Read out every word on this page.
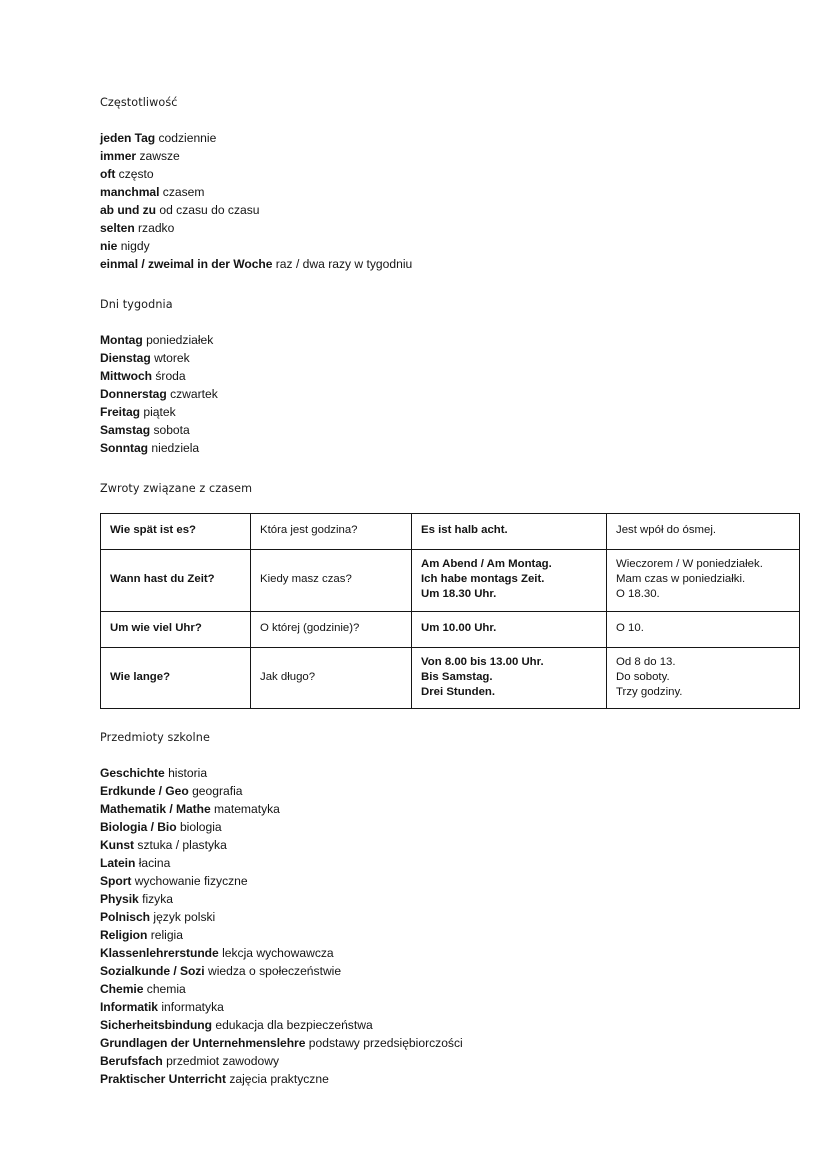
Częstotliwość

jeden Tag codziennie
immer zawsze
oft często
manchmal czasem
ab und zu od czasu do czasu
selten rzadko
nie nigdy
einmal / zweimal in der Woche raz / dwa razy w tygodniu

Dni tygodnia

Montag poniedziałek
Dienstag wtorek
Mittwoch środa
Donnerstag czwartek
Freitag piątek
Samstag sobota
Sonntag niedziela

Zwroty związane z czasem

Wie spät ist es?	Która jest godzina?	Es ist halb acht.	Jest wpół do ósmej.

Wann hast du Zeit?	Kiedy masz czas?	Am Abend / Am Montag.
Ich habe montags Zeit.
Um 18.30 Uhr.	Wieczorem / W poniedziałek.
Mam czas w poniedziałki.
O 18.30.

Um wie viel Uhr?	O której (godzinie)?	Um 10.00 Uhr.	O 10.

Wie lange?	Jak długo?	Von 8.00 bis 13.00 Uhr.
Bis Samstag.
Drei Stunden.	Od 8 do 13.
Do soboty.
Trzy godziny.

Przedmioty szkolne

Geschichte historia
Erdkunde / Geo geografia
Mathematik / Mathe matematyka
Biologia / Bio biologia
Kunst sztuka / plastyka
Latein łacina
Sport wychowanie fizyczne
Physik fizyka
Polnisch język polski
Religion religia
Klassenlehrerstunde lekcja wychowawcza
Sozialkunde / Sozi wiedza o społeczeństwie
Chemie chemia
Informatik informatyka
Sicherheitsbindung edukacja dla bezpieczeństwa
Grundlagen der Unternehmenslehre podstawy przedsiębiorczości
Berufsfach przedmiot zawodowy
Praktischer Unterricht zajęcia praktyczne
